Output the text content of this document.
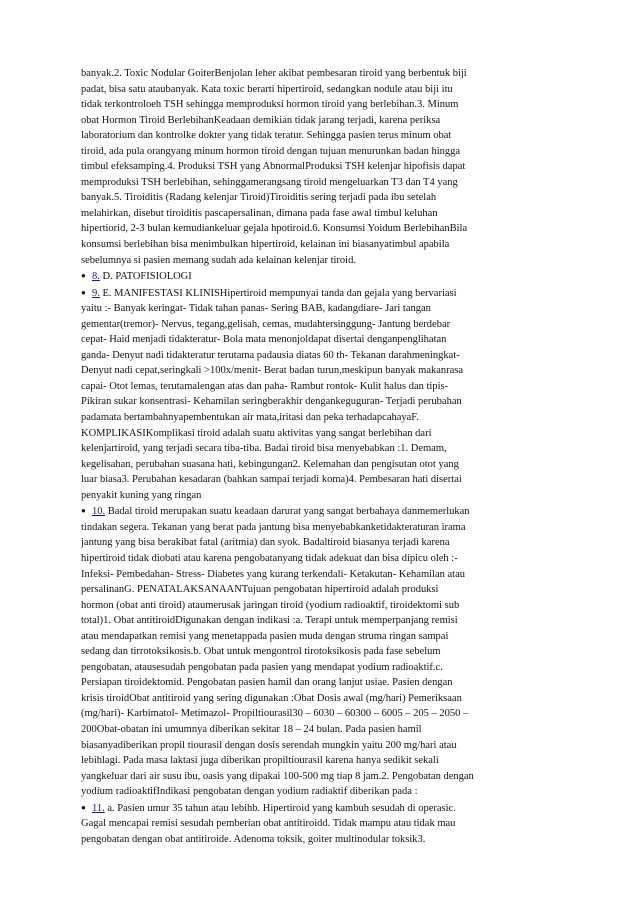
banyak.2. Toxic Nodular GoiterBenjolan leher akibat pembesaran tiroid yang berbentuk biji
padat, bisa satu ataubanyak. Kata toxic berarti hipertiroid, sedangkan nodule atau biji itu
tidak terkontroloeh TSH sehingga memproduksi hormon tiroid yang berlebihan.3. Minum
obat Hormon Tiroid BerlebihanKeadaan demikian tidak jarang terjadi, karena periksa
laboratorium dan kontrolke dokter yang tidak teratur. Sehingga pasien terus minum obat
tiroid, ada pula orangyang minum hormon tiroid dengan tujuan menurunkan badan hingga
timbul efeksamping.4. Produksi TSH yang AbnormalProduksi TSH kelenjar hipofisis dapat
memproduksi TSH berlebihan, sehinggamerangsang tiroid mengeluarkan T3 dan T4 yang
banyak.5. Tiroiditis (Radang kelenjar Tiroid)Tiroiditis sering terjadi pada ibu setelah
melahirkan, disebut tiroiditis pascapersalinan, dimana pada fase awal timbul keluhan
hipertiorid, 2-3 bulan kemudiankeluar gejala hpotiroid.6. Konsumsi Yoidum BerlebihanBila
konsumsi berlebihan bisa menimbulkan hipertiroid, kelainan ini biasanyatimbul apabila
sebelumnya si pasien memang sudah ada kelainan kelenjar tiroid.
● 8. D. PATOFISIOLOGI
● 9. E. MANIFESTASI KLINISHipertiroid mempunyai tanda dan gejala yang bervariasi
yaitu :- Banyak keringat- Tidak tahan panas- Sering BAB, kadangdiare- Jari tangan
gementar(tremor)- Nervus, tegang,gelisah, cemas, mudahtersinggung- Jantung berdebar
cepat- Haid menjadi tidakteratur- Bola mata menonjoldapat disertai denganpenglihatan
ganda- Denyut nadi tidakteratur terutama padausia diatas 60 th- Tekanan darahmeningkat-
Denyut nadi cepat,seringkali >100x/menit- Berat badan turun,meskipun banyak makanrasa
capai- Otot lemas, terutamalengan atas dan paha- Rambut rontok- Kulit halus dan tipis-
Pikiran sukar konsentrasi- Kehamilan seringberakhir dengankeguguran- Terjadi perubahan
padamata bertambahnyapembentukan air mata,iritasi dan peka terhadapcahayaF.
KOMPLIKASIKomplikasi tiroid adalah suatu aktivitas yang sangat berlebihan dari
kelenjartiroid, yang terjadi secara tiba-tiba. Badai tiroid bisa menyebabkan :1. Demam,
kegelisahan, perubahan suasana hati, kebingungan2. Kelemahan dan pengisutan otot yang
luar biasa3. Perubahan kesadaran (bahkan sampai terjadi koma)4. Pembesaran hati disertai
penyakit kuning yang ringan
● 10. Badal tiroid merupakan suatu keadaan darurat yang sangat berbahaya danmemerlukan
tindakan segera. Tekanan yang berat pada jantung bisa menyebabkanketidakteraturan irama
jantung yang bisa berakibat fatal (aritmia) dan syok. Badaltiroid biasanya terjadi karena
hipertiroid tidak diobati atau karena pengobatanyang tidak adekuat dan bisa dipicu oleh :-
Infeksi- Pembedahan- Stress- Diabetes yang kurang terkendali- Ketakutan- Kehamilan atau
persalinanG. PENATALAKSANAANTujuan pengobatan hipertiroid adalah produksi
hormon (obat anti tiroid) ataumerusak jaringan tiroid (yodium radioaktif, tiroidektomi sub
total)1. Obat antitiroidDigunakan dengan indikasi :a. Terapi untuk memperpanjang remisi
atau mendapatkan remisi yang menetappada pasien muda dengan struma ringan sampai
sedang dan tirrotoksikosis.b. Obat untuk mengontrol tirotoksikosis pada fase sebelum
pengobatan, atausesudah pengobatan pada pasien yang mendapat yodium radioaktif.c.
Persiapan tiroidektomid. Pengobatan pasien hamil dan orang lanjut usiae. Pasien dengan
krisis tiroidObat antitiroid yang sering digunakan :Obat Dosis awal (mg/hari) Pemeriksaan
(mg/hari)- Karbimatol- Metimazol- Propiltiourasil30 – 6030 – 60300 – 6005 – 205 – 2050 –
200Obat-obatan ini umumnya diberikan sekitar 18 – 24 bulan. Pada pasien hamil
biasanyadiberikan propil tiourasil dengan dosis serendah mungkin yaitu 200 mg/hari atau
lebihlagi. Pada masa laktasi juga diberikan propiltiourasil karena hanya sedikit sekali
yangkeluar dari air susu ibu, oasis yang dipakai 100-500 mg tiap 8 jam.2. Pengobatan dengan
yodium radioaktifIndikasi pengobatan dengan yodium radiaktif diberikan pada :
● 11. a. Pasien umur 35 tahun atau lebihb. Hipertiroid yang kambuh sesudah di operasic.
Gagal mencapai remisi sesudah pemberian obat antitiroidd. Tidak mampu atau tidak mau
pengobatan dengan obat antitiroide. Adenoma toksik, goiter multinodular toksik3.
